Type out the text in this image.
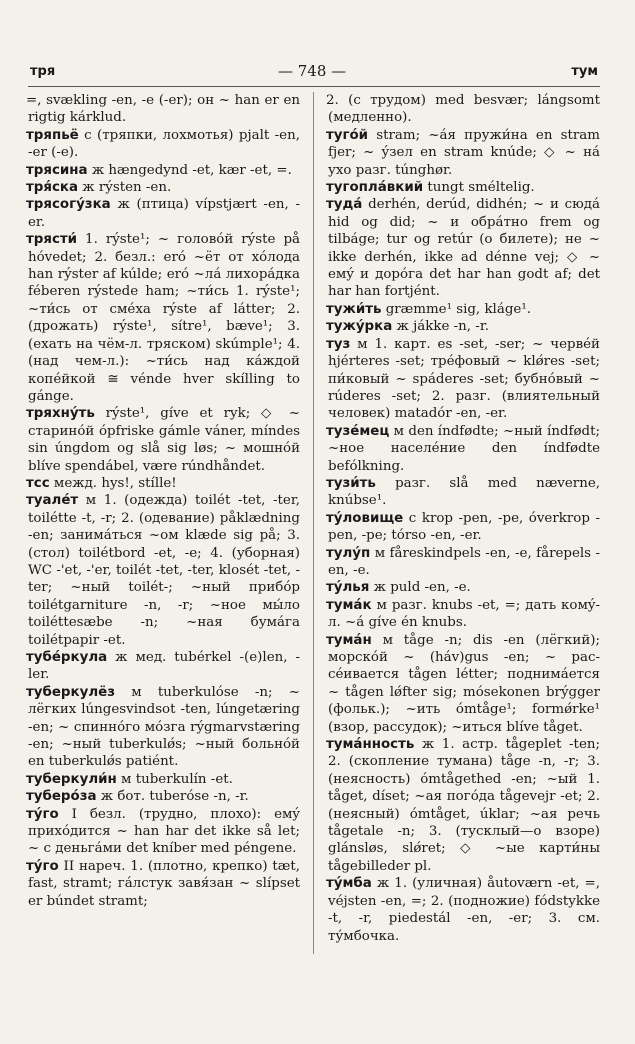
тря	— 748 —	тум

=, svækling -en, -e (-er); он ~ han er en rigtig kárklud.

тряпьё с (тряпки, лохмотья) pjalt -en, -er (-e).

трясина ж hængedynd -et, kær -et, =.

тря́ска ж rýsten -en.

трясогу́зка ж (птица) vípstjært -en, -er.

трясти́ 1. rýste¹; ~ головóй rýste på hóvedet; 2. безл.: eró ~ёт от хóлода han rýster af kúlde; eró ~лá лихорáдка féberen rýstede ham; ~ти́сь 1. rýste¹; ~ти́сь от смéха rýste af látter; 2. (дрожать) rýste¹, sítre¹, bæve¹; 3. (ехать на чём-л. тряском) skúmple¹; 4. (над чем-л.): ~ти́сь над кáждой копéйкой ≅ vénde hver skílling to gánge.

тряхну́ть rýste¹, gíve et ryk; ◇ ~ старинóй ópfriske gámle váner, míndes sin úngdom og slå sig løs; ~ мошнóй blíve spendábel, være rúndhåndet.

тсс межд. hys!, stílle!

туалéт м 1. (одежда) toilét -tet, -ter, toilétte -t, -r; 2. (одевание) påklædning -en; занимáться ~ом klæde sig på; 3. (стол) toilétbord -et, -e; 4. (уборная) WC -'et, -'er, toilét -tet, -ter, klosét -tet, -ter; ~ный toilét-; ~ный прибóр toilétgarniture -n, -r; ~ное мы́ло toiléttesæbe -n; ~ная бумáга toilétpapir -et.

тубéркула ж мед. tubérkel -(e)len, -ler.

туберкулёз м tuberkulóse -n; ~ лёгких lúngesvindsot -ten, lúngetæring -en; ~ спиннóго мóзга rýgmarvstæring -en; ~ный tuberkulǿs; ~ный больнóй en tuberkulǿs patiént.

туберкули́н м tuberkulín -et.

туберóза ж бот. tuberóse -n, -r.

ту́го I безл. (трудно, плохо): емý прихóдится ~ han har det ikke så let; ~ с деньгáми det kníber med péngene.

ту́го II нареч. 1. (плотно, крепко) tæt, fast, stramt; гáлстук завя́зан ~ slípset er búndet stramt;

2. (с трудом) med besvær; lángsomt (медленно).

туго́й stram; ~áя пружи́на en stram fjer; ~ ýзел en stram knúde; ◇ ~ нá ухо разг. túnghør.

тугоплáвкий tungt sméltelig.

тудá derhén, derúd, didhén; ~ и сюдá hid og did; ~ и обрáтно frem og tilbáge; tur og retúr (о билете); не ~ ikke derhén, ikke ad dénne vej; ◇ ~ емý и дорóга det har han godt af; det har han fortjént.

тужи́ть græmme¹ sig, kláge¹.

тужу́рка ж jákke -n, -r.

туз м 1. карт. es -set, -ser; ~ червéй hjérteres -set; трéфовый ~ klǿres -set; пи́ковый ~ spáderes -set; бубнóвый ~ rúderes -set; 2. разг. (влиятельный человек) matadór -en, -er.

тузéмец м den índfødte; ~ный índfødt; ~ное населéние den índfødte befólkning.

тузи́ть разг. slå med næverne, knúbse¹.

ту́ловище с krop -pen, -pe, óverkrop -pen, -pe; tórso -en, -er.

тулу́п м fåreskindpels -en, -e, fårepels -en, -e.

ту́лья ж puld -en, -e.

тумáк м разг. knubs -et, =; дать комý-л. ~á gíve én knubs.

тумáн м tåge -n; dis -en (лёгкий); морскóй ~ (háv)gus -en; ~ рассéивается tågen létter; поднимáется ~ tågen lǿfter sig; mósekonen brýgger (фольк.); ~ить ómtåge¹; formǿrke¹ (взор, рассудок); ~иться blíve tåget.

тумáнность ж 1. астр. tågeplet -ten; 2. (скопление тумана) tåge -n, -r; 3. (неясность) ómtågethed -en; ~ый 1. tåget, díset; ~ая погóда tågevejr -et; 2. (неясный) ómtåget, úklar; ~ая речь tågetale -n; 3. (тусклый—о взоре) glánsløs, slǿret; ◇ ~ые карти́ны tågebilleder pl.

ту́мба ж 1. (уличная) åutoværn -et, =, véjsten -en, =; 2. (подножие) fódstykke -t, -r, piedestál -en, -er; 3. см. ту́мбочка.
